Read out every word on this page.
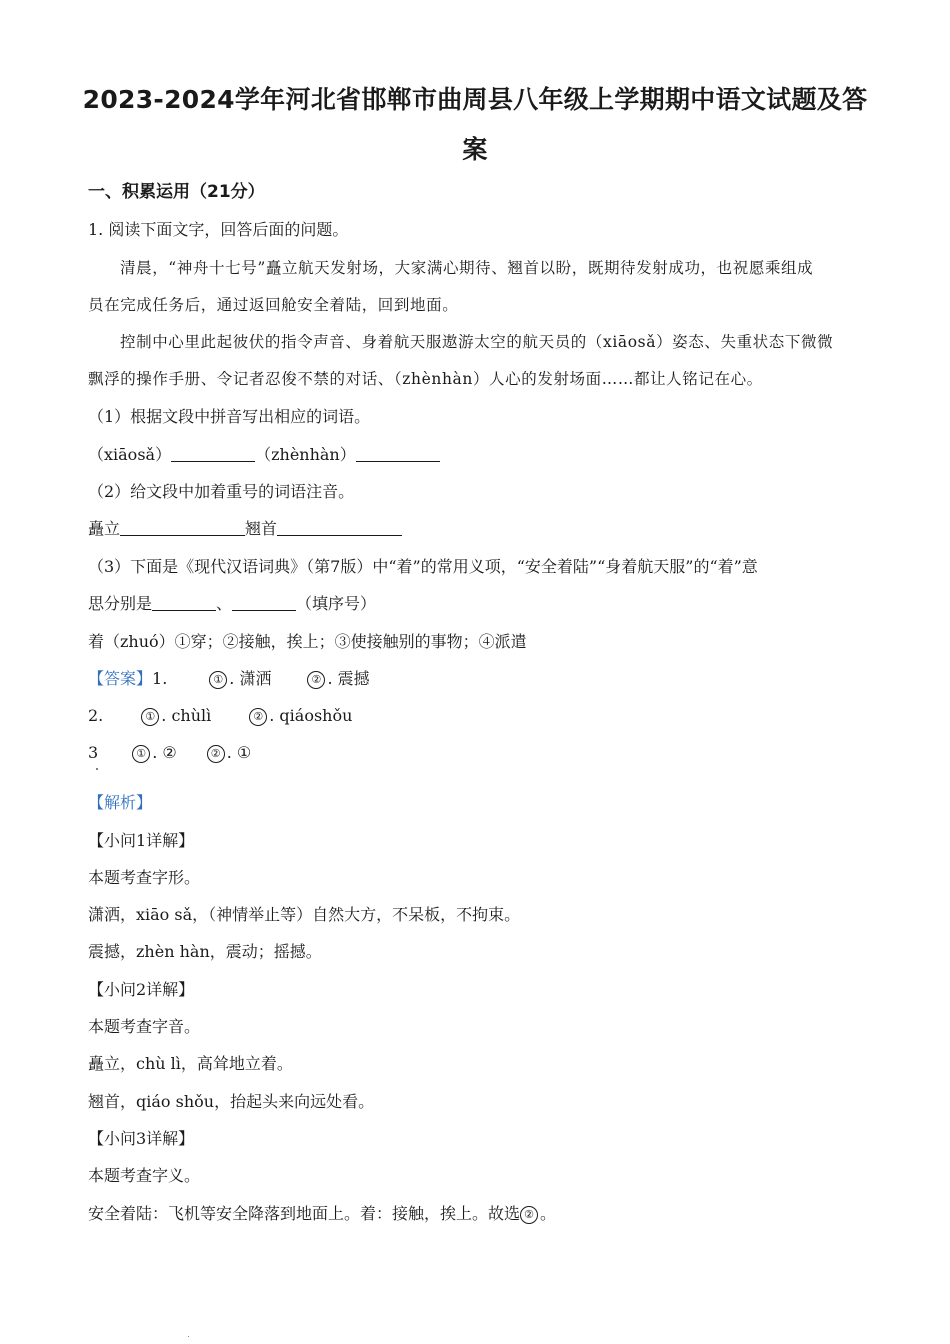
2023-2024学年河北省邯郸市曲周县八年级上学期期中语文试题及答
案
一、积累运用（21分）
1. 阅读下面文字，回答后面的问题。
清晨，“神舟十七号”矗立航天发射场，大家满心期待、翘首以盼，既期待发射成功，也祝愿乘组成
员在完成任务后，通过返回舱安全着陆，回到地面。
控制中心里此起彼伏的指令声音、身着航天服遨游太空的航天员的（xiāosǎ）姿态、失重状态下微微
飘浮的操作手册、令记者忍俊不禁的对话、（zhènhàn）人心的发射场面……都让人铭记在心。
（1）根据文段中拼音写出相应的词语。
（xiāosǎ）	（zhènhàn）
（2）给文段中加着重号的词语注音。
矗立	翘首
（3）下面是《现代汉语词典》（第7版）中“着”的常用义项，“安全着陆”“身着航天服”的“着”意
思分别是	、	（填序号）
着（zhuó）①穿；②接触，挨上；③使接触别的事物；④派遣
【答案】1.	① . 潇洒	② . 震撼
2.	① . chùlì	② . qiáoshǒu
3	① . ②	② . ①
【解析】
【小问1详解】
本题考查字形。
潇洒，xiāo sǎ，（神情举止等）自然大方，不呆板，不拘束。
震撼，zhèn hàn，震动；摇撼。
【小问2详解】
本题考查字音。
矗立，chù lì，高耸地立着。
翘首，qiáo shǒu，抬起头来向远处看。
【小问3详解】
本题考查字义。
安全着陆：飞机等安全降落到地面上。着：接触，挨上。故选 ② 。
